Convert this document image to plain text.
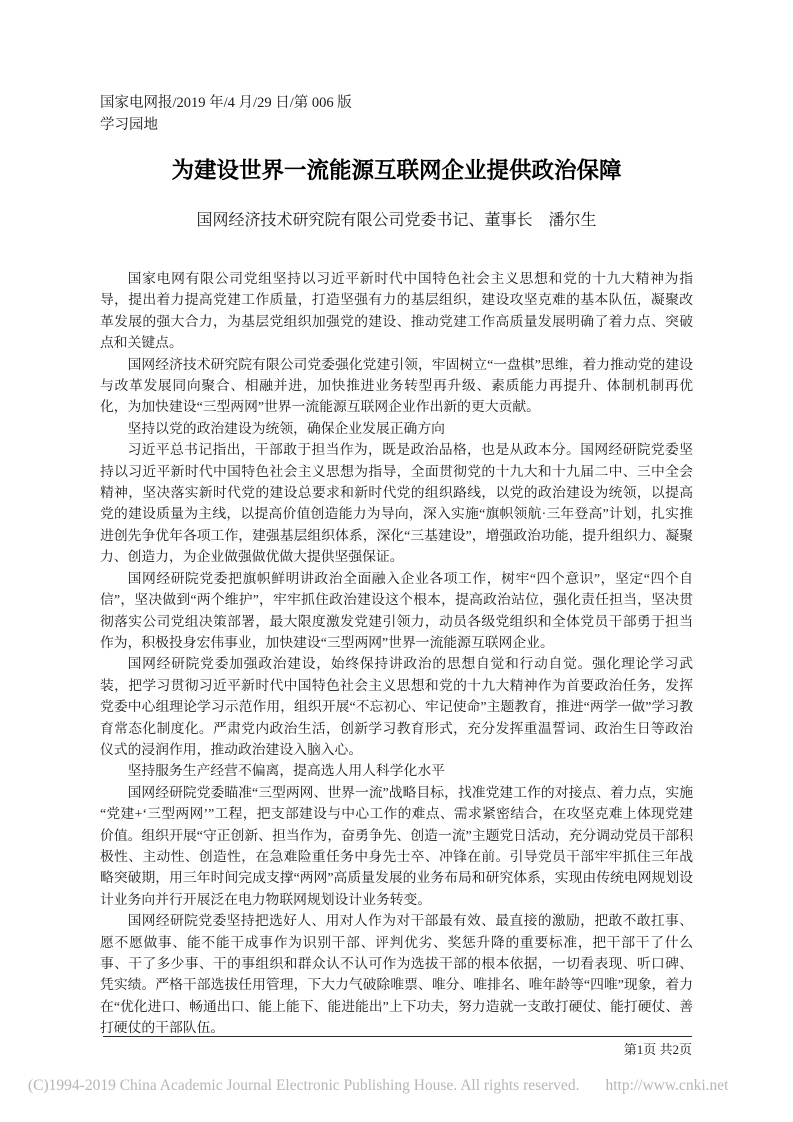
国家电网报/2019 年/4 月/29 日/第 006 版
学习园地
为建设世界一流能源互联网企业提供政治保障
国网经济技术研究院有限公司党委书记、董事长　潘尔生

国家电网有限公司党组坚持以习近平新时代中国特色社会主义思想和党的十九大精神为指导，提出着力提高党建工作质量，打造坚强有力的基层组织，建设攻坚克难的基本队伍，凝聚改革发展的强大合力，为基层党组织加强党的建设、推动党建工作高质量发展明确了着力点、突破点和关键点。

国网经济技术研究院有限公司党委强化党建引领，牢固树立“一盘棋”思维，着力推动党的建设与改革发展同向聚合、相融并进，加快推进业务转型再升级、素质能力再提升、体制机制再优化，为加快建设“三型两网”世界一流能源互联网企业作出新的更大贡献。

坚持以党的政治建设为统领，确保企业发展正确方向

习近平总书记指出，干部敢于担当作为，既是政治品格，也是从政本分。国网经研院党委坚持以习近平新时代中国特色社会主义思想为指导，全面贯彻党的十九大和十九届二中、三中全会精神，坚决落实新时代党的建设总要求和新时代党的组织路线，以党的政治建设为统领，以提高党的建设质量为主线，以提高价值创造能力为导向，深入实施“旗帜领航·三年登高”计划，扎实推进创先争优年各项工作，建强基层组织体系，深化“三基建设”，增强政治功能，提升组织力、凝聚力、创造力，为企业做强做优做大提供坚强保证。

国网经研院党委把旗帜鲜明讲政治全面融入企业各项工作，树牢“四个意识”，坚定“四个自信”，坚决做到“两个维护”，牢牢抓住政治建设这个根本，提高政治站位，强化责任担当，坚决贯彻落实公司党组决策部署，最大限度激发党建引领力，动员各级党组织和全体党员干部勇于担当作为，积极投身宏伟事业，加快建设“三型两网”世界一流能源互联网企业。

国网经研院党委加强政治建设，始终保持讲政治的思想自觉和行动自觉。强化理论学习武装，把学习贯彻习近平新时代中国特色社会主义思想和党的十九大精神作为首要政治任务，发挥党委中心组理论学习示范作用，组织开展“不忘初心、牢记使命”主题教育，推进“两学一做”学习教育常态化制度化。严肃党内政治生活，创新学习教育形式，充分发挥重温誓词、政治生日等政治仪式的浸润作用，推动政治建设入脑入心。

坚持服务生产经营不偏离，提高选人用人科学化水平

国网经研院党委瞄准“三型两网、世界一流”战略目标，找准党建工作的对接点、着力点，实施“党建+‘三型两网’”工程，把支部建设与中心工作的难点、需求紧密结合，在攻坚克难上体现党建价值。组织开展“守正创新、担当作为，奋勇争先、创造一流”主题党日活动，充分调动党员干部积极性、主动性、创造性，在急难险重任务中身先士卒、冲锋在前。引导党员干部牢牢抓住三年战略突破期，用三年时间完成支撑“两网”高质量发展的业务布局和研究体系，实现由传统电网规划设计业务向并行开展泛在电力物联网规划设计业务转变。

国网经研院党委坚持把选好人、用对人作为对干部最有效、最直接的激励，把敢不敢扛事、愿不愿做事、能不能干成事作为识别干部、评判优劣、奖惩升降的重要标准，把干部干了什么事、干了多少事、干的事组织和群众认不认可作为选拔干部的根本依据，一切看表现、听口碑、凭实绩。严格干部选拔任用管理，下大力气破除唯票、唯分、唯排名、唯年龄等“四唯”现象，着力在“优化进口、畅通出口、能上能下、能进能出”上下功夫，努力造就一支敢打硬仗、能打硬仗、善打硬仗的干部队伍。

第1页 共2页
(C)1994-2019 China Academic Journal Electronic Publishing House. All rights reserved. http://www.cnki.net
